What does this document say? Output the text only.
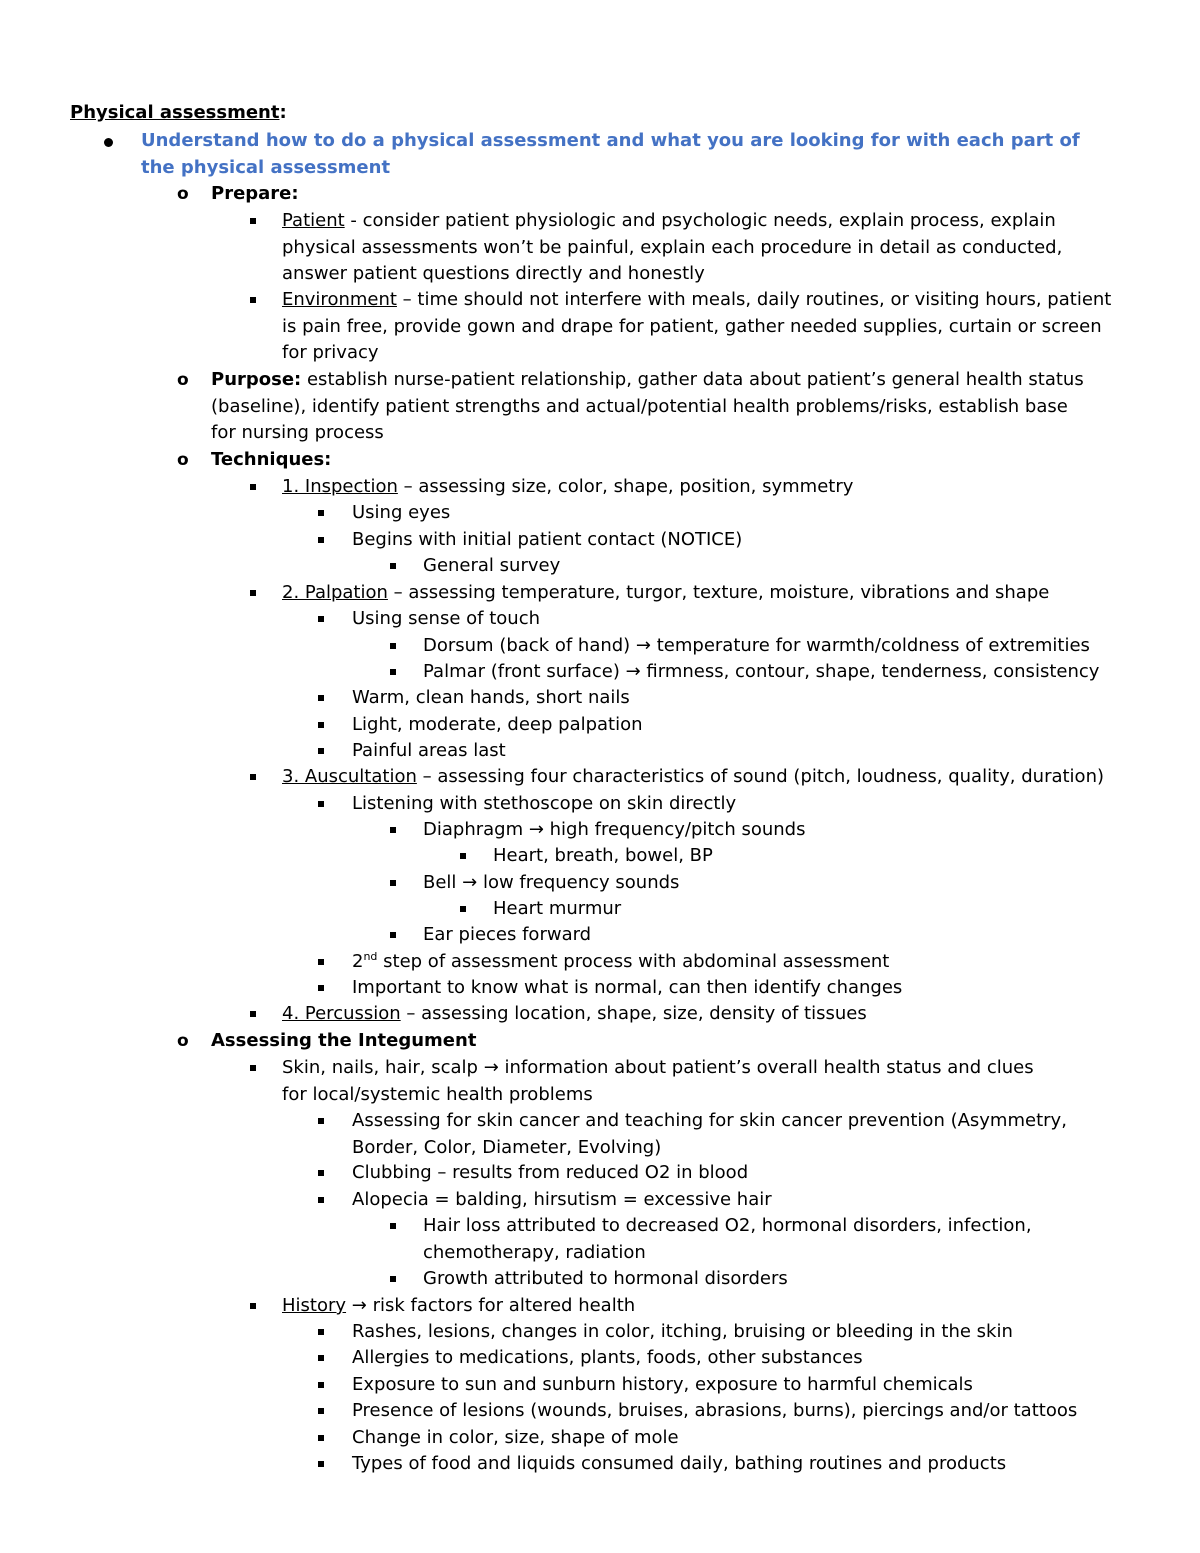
Physical assessment:
Understand how to do a physical assessment and what you are looking for with each part of the physical assessment
o Prepare:
Patient - consider patient physiologic and psychologic needs, explain process, explain physical assessments won’t be painful, explain each procedure in detail as conducted, answer patient questions directly and honestly
Environment – time should not interfere with meals, daily routines, or visiting hours, patient is pain free, provide gown and drape for patient, gather needed supplies, curtain or screen for privacy
o Purpose: establish nurse-patient relationship, gather data about patient’s general health status (baseline), identify patient strengths and actual/potential health problems/risks, establish base for nursing process
o Techniques:
1. Inspection – assessing size, color, shape, position, symmetry
Using eyes
Begins with initial patient contact (NOTICE)
General survey
2. Palpation – assessing temperature, turgor, texture, moisture, vibrations and shape
Using sense of touch
Dorsum (back of hand) → temperature for warmth/coldness of extremities
Palmar (front surface) → firmness, contour, shape, tenderness, consistency
Warm, clean hands, short nails
Light, moderate, deep palpation
Painful areas last
3. Auscultation – assessing four characteristics of sound (pitch, loudness, quality, duration)
Listening with stethoscope on skin directly
Diaphragm → high frequency/pitch sounds
Heart, breath, bowel, BP
Bell → low frequency sounds
Heart murmur
Ear pieces forward
2nd step of assessment process with abdominal assessment
Important to know what is normal, can then identify changes
4. Percussion – assessing location, shape, size, density of tissues
o Assessing the Integument
Skin, nails, hair, scalp → information about patient’s overall health status and clues for local/systemic health problems
Assessing for skin cancer and teaching for skin cancer prevention (Asymmetry, Border, Color, Diameter, Evolving)
Clubbing – results from reduced O2 in blood
Alopecia = balding, hirsutism = excessive hair
Hair loss attributed to decreased O2, hormonal disorders, infection, chemotherapy, radiation
Growth attributed to hormonal disorders
History → risk factors for altered health
Rashes, lesions, changes in color, itching, bruising or bleeding in the skin
Allergies to medications, plants, foods, other substances
Exposure to sun and sunburn history, exposure to harmful chemicals
Presence of lesions (wounds, bruises, abrasions, burns), piercings and/or tattoos
Change in color, size, shape of mole
Types of food and liquids consumed daily, bathing routines and products
